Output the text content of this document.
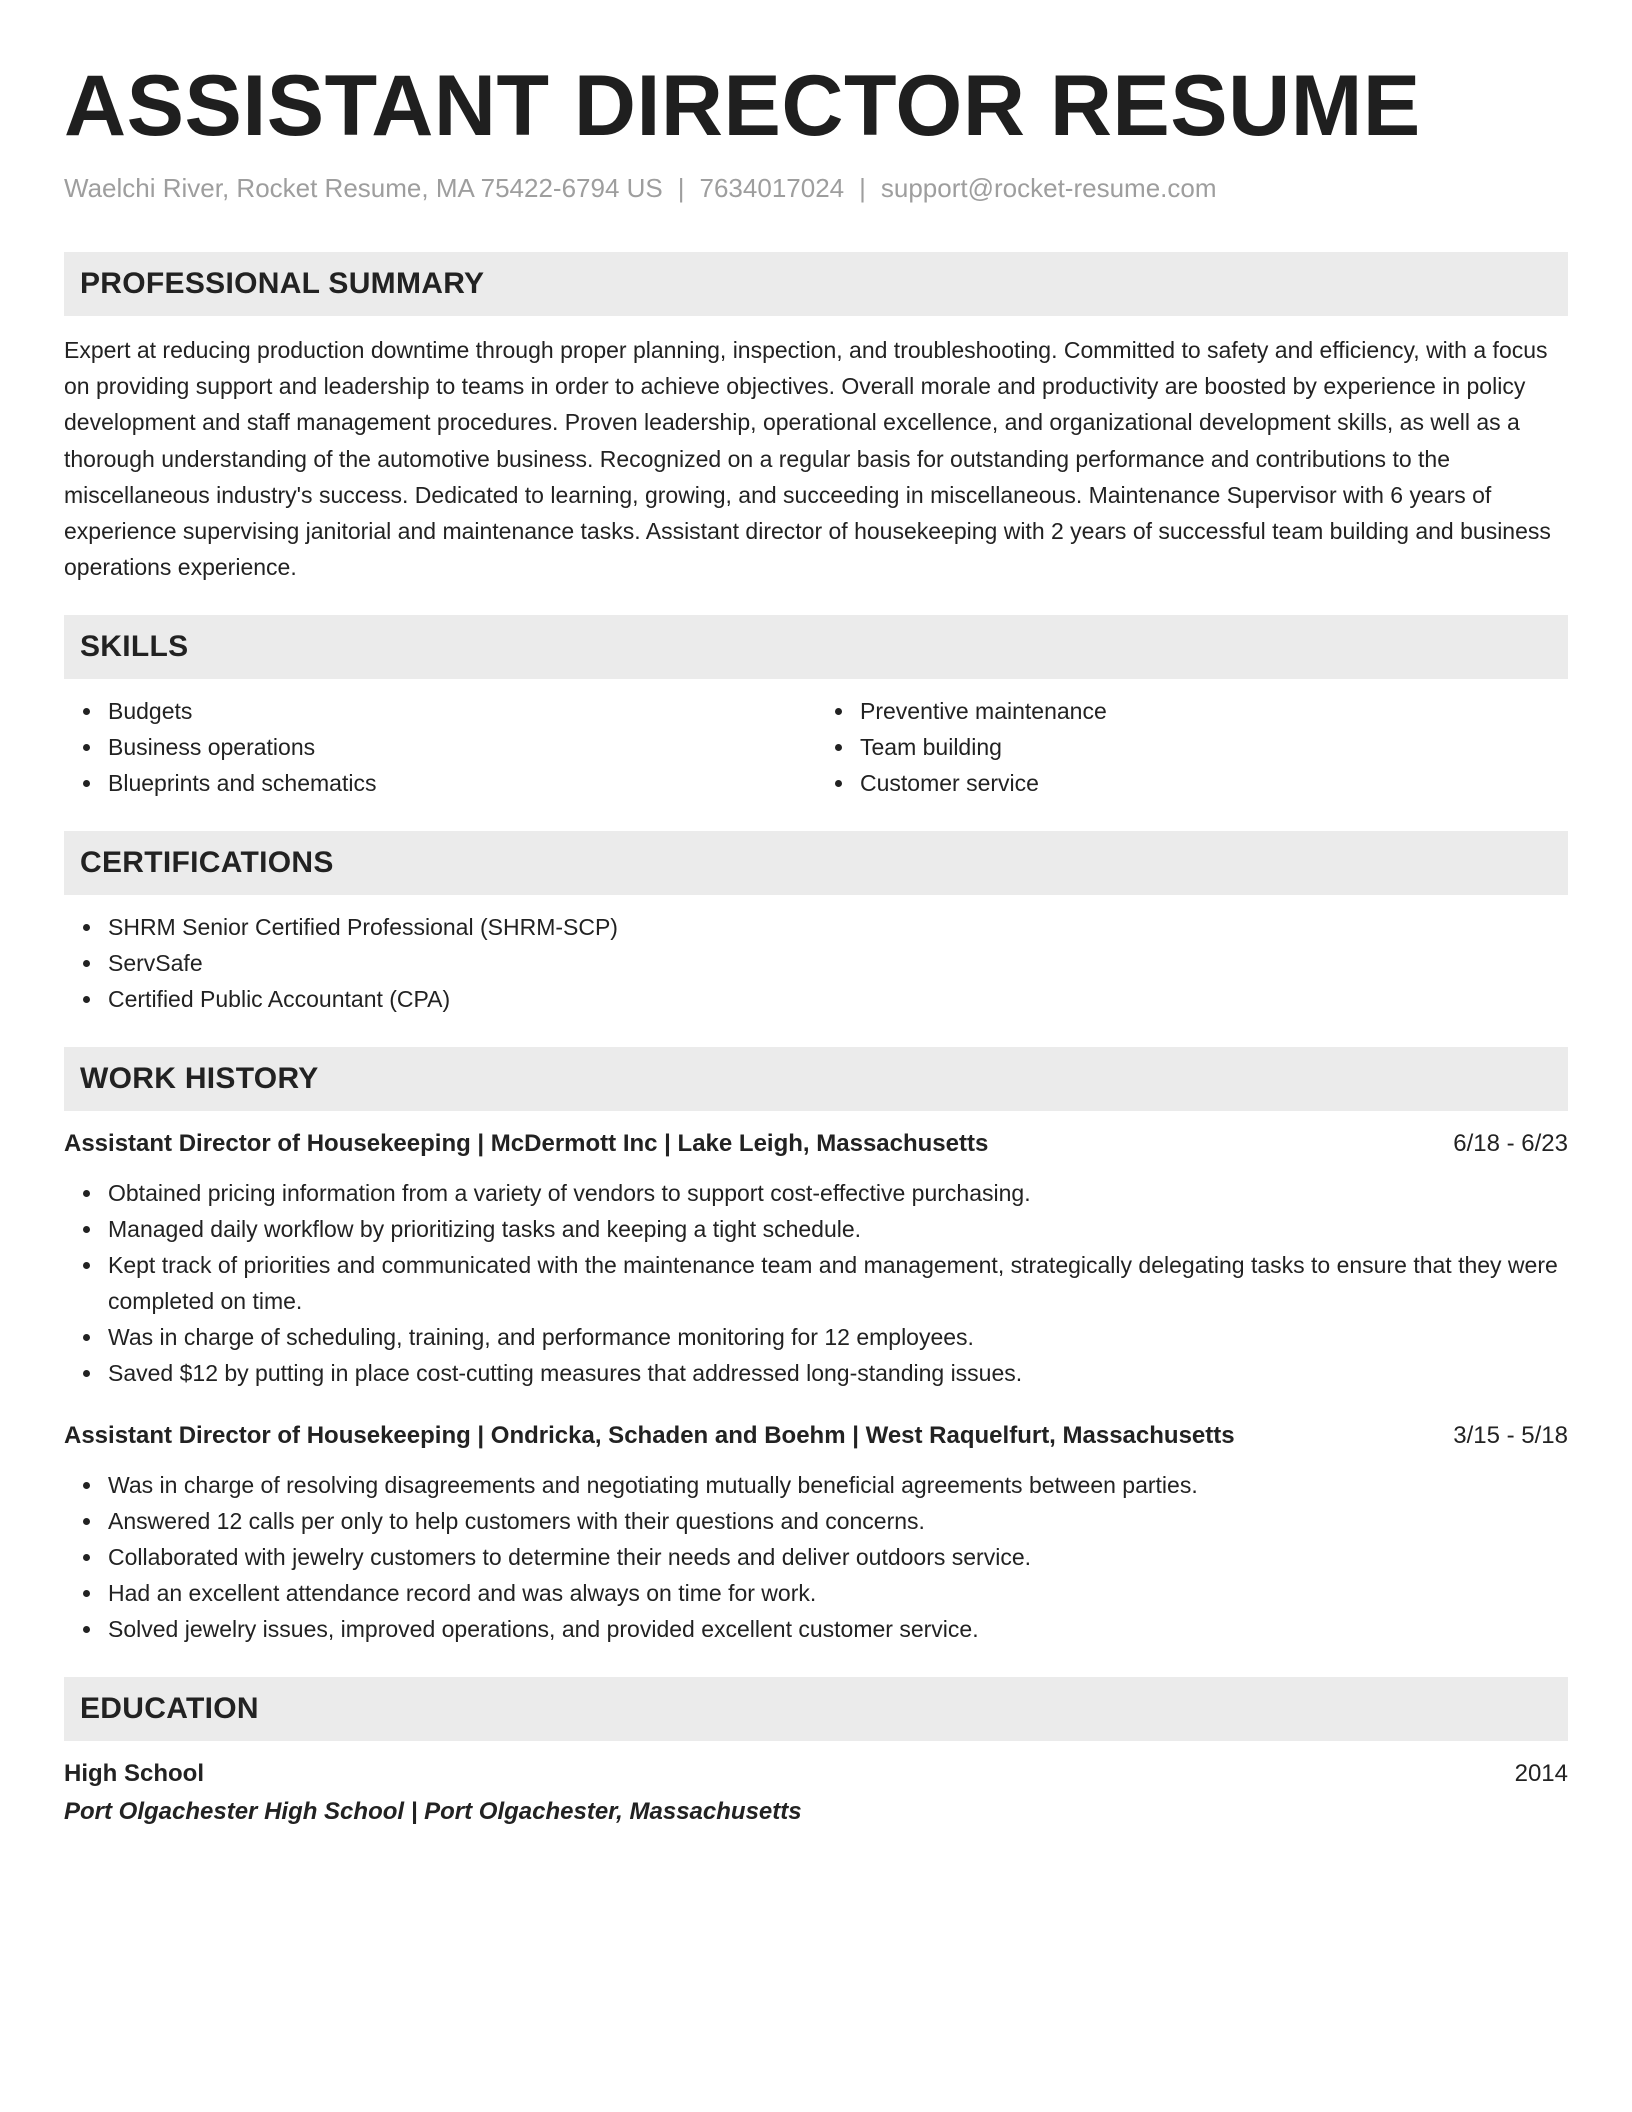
ASSISTANT DIRECTOR RESUME
Waelchi River, Rocket Resume, MA 75422-6794 US | 7634017024 | support@rocket-resume.com
PROFESSIONAL SUMMARY

Expert at reducing production downtime through proper planning, inspection, and troubleshooting. Committed to safety and efficiency, with a focus on providing support and leadership to teams in order to achieve objectives. Overall morale and productivity are boosted by experience in policy development and staff management procedures. Proven leadership, operational excellence, and organizational development skills, as well as a thorough understanding of the automotive business. Recognized on a regular basis for outstanding performance and contributions to the miscellaneous industry's success. Dedicated to learning, growing, and succeeding in miscellaneous. Maintenance Supervisor with 6 years of experience supervising janitorial and maintenance tasks. Assistant director of housekeeping with 2 years of successful team building and business operations experience.

SKILLS
Budgets
Business operations
Blueprints and schematics
Preventive maintenance
Team building
Customer service
CERTIFICATIONS
SHRM Senior Certified Professional (SHRM-SCP)
ServSafe
Certified Public Accountant (CPA)
WORK HISTORY
Assistant Director of Housekeeping | McDermott Inc | Lake Leigh, Massachusetts	6/18 - 6/23
Obtained pricing information from a variety of vendors to support cost-effective purchasing.
Managed daily workflow by prioritizing tasks and keeping a tight schedule.
Kept track of priorities and communicated with the maintenance team and management, strategically delegating tasks to ensure that they were completed on time.
Was in charge of scheduling, training, and performance monitoring for 12 employees.
Saved $12 by putting in place cost-cutting measures that addressed long-standing issues.
Assistant Director of Housekeeping | Ondricka, Schaden and Boehm | West Raquelfurt, Massachusetts	3/15 - 5/18
Was in charge of resolving disagreements and negotiating mutually beneficial agreements between parties.
Answered 12 calls per only to help customers with their questions and concerns.
Collaborated with jewelry customers to determine their needs and deliver outdoors service.
Had an excellent attendance record and was always on time for work.
Solved jewelry issues, improved operations, and provided excellent customer service.
EDUCATION
High School	2014
Port Olgachester High School | Port Olgachester, Massachusetts
